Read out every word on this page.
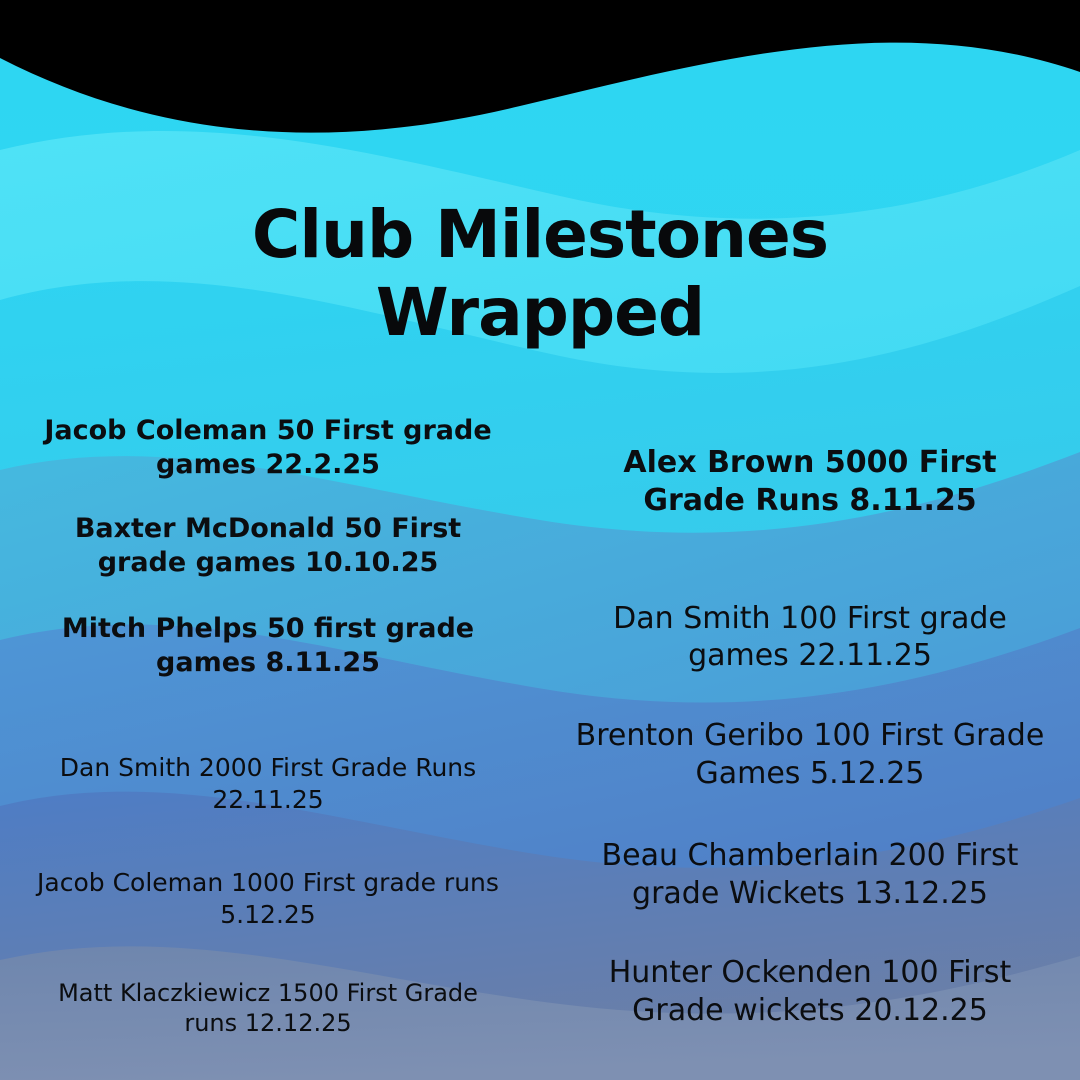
Club Milestones
Wrapped
Jacob Coleman 50 First grade games 22.2.25
Baxter McDonald 50 First grade games 10.10.25
Mitch Phelps 50 first grade games 8.11.25
Dan Smith 2000 First Grade Runs 22.11.25
Jacob Coleman 1000 First grade runs 5.12.25
Matt Klaczkiewicz 1500 First Grade runs 12.12.25
Alex Brown 5000 First Grade Runs 8.11.25
Dan Smith 100 First grade games 22.11.25
Brenton Geribo 100 First Grade Games 5.12.25
Beau Chamberlain 200 First grade Wickets 13.12.25
Hunter Ockenden 100 First Grade wickets 20.12.25
